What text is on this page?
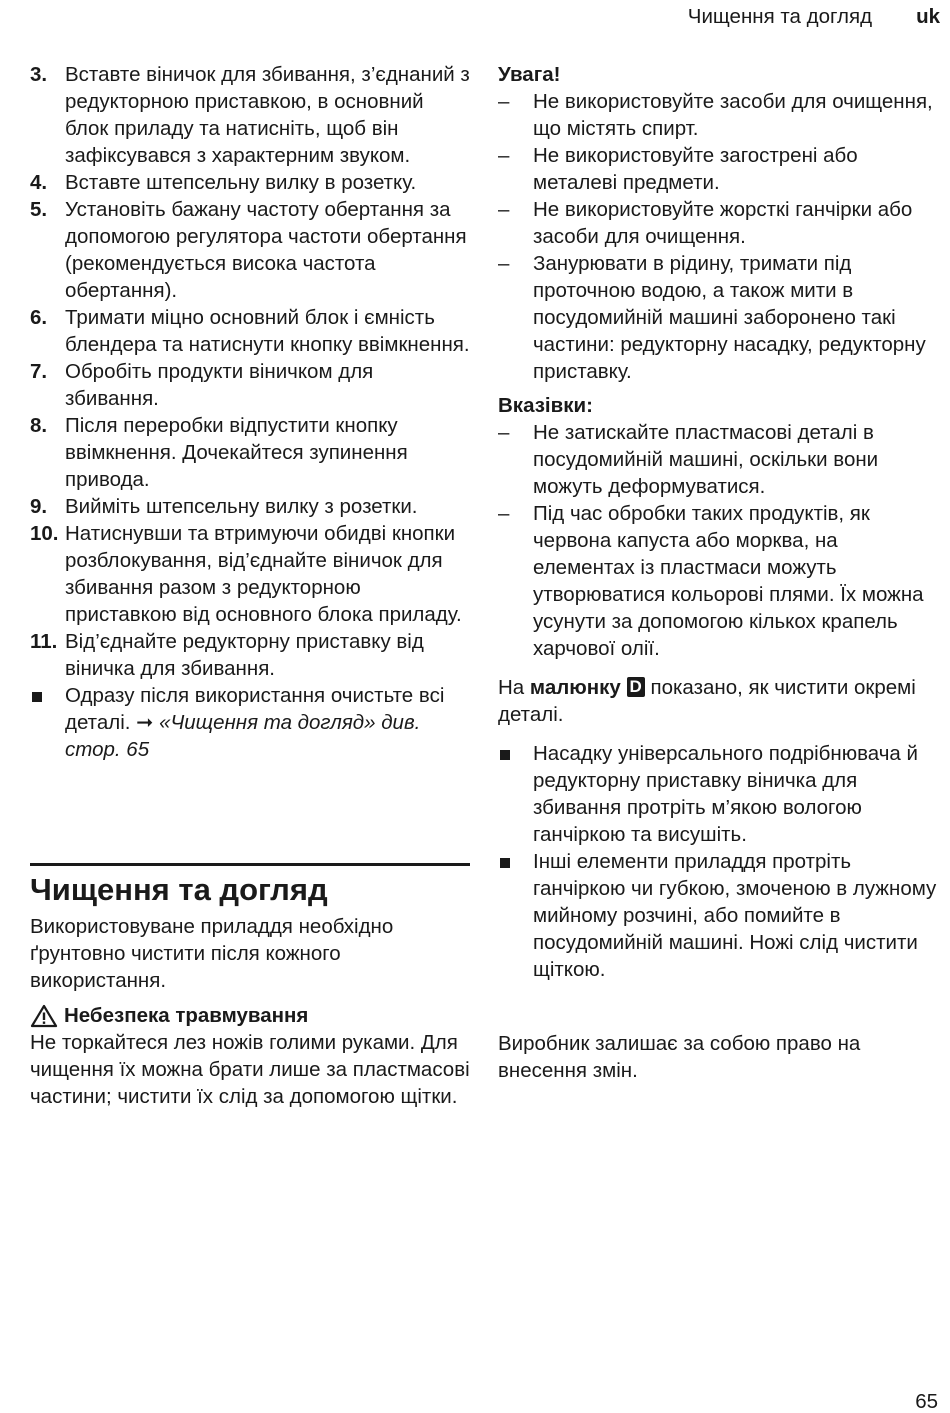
Чищення та догляд uk
3. Вставте віничок для збивання, з’єднаний з редукторною приставкою, в основний блок приладу та натисніть, щоб він зафіксувався з характерним звуком.
4. Вставте штепсельну вилку в розетку.
5. Установіть бажану частоту обертання за допомогою регулятора частоти обертання (рекомендується висока частота обертання).
6. Тримати міцно основний блок і ємність блендера та натиснути кнопку ввімкнення.
7. Обробіть продукти віничком для збивання.
8. Після переробки відпустити кнопку ввімкнення. Дочекайтеся зупинення привода.
9. Вийміть штепсельну вилку з розетки.
10. Натиснувши та втримуючи обидві кнопки розблокування, від’єднайте віничок для збивання разом з редукторною приставкою від основного блока приладу.
11. Від’єднайте редукторну приставку від віничка для збивання.
Одразу після використання очистьте всі деталі. ➞ «Чищення та догляд» див. стор. 65
Чищення та догляд
Використовуване приладдя необхідно ґрунтовно чистити після кожного використання.
Небезпека травмування
Не торкайтеся лез ножів голими руками. Для чищення їх можна брати лише за пластмасові частини; чистити їх слід за допомогою щітки.
Увага!
–	Не використовуйте засоби для очищення, що містять спирт.
–	Не використовуйте загострені або металеві предмети.
–	Не використовуйте жорсткі ганчірки або засоби для очищення.
–	Занурювати в рідину, тримати під проточною водою, а також мити в посудомийній машині заборонено такі частини: редукторну насадку, редукторну приставку.
Вказівки:
–	Не затискайте пластмасові деталі в посудомийній машині, оскільки вони можуть деформуватися.
–	Під час обробки таких продуктів, як червона капуста або морква, на елементах із пластмаси можуть утворюватися кольорові плями. Їх можна усунути за допомогою кількох крапель харчової олії.
На малюнку D показано, як чистити окремі деталі.
Насадку універсального подрібнювача й редукторну приставку віничка для збивання протріть м’якою вологою ганчіркою та висушіть.
Інші елементи приладдя протріть ганчіркою чи губкою, змоченою в лужному мийному розчині, або помийте в посудомийній машині. Ножі слід чистити щіткою.
Виробник залишає за собою право на внесення змін.
65
